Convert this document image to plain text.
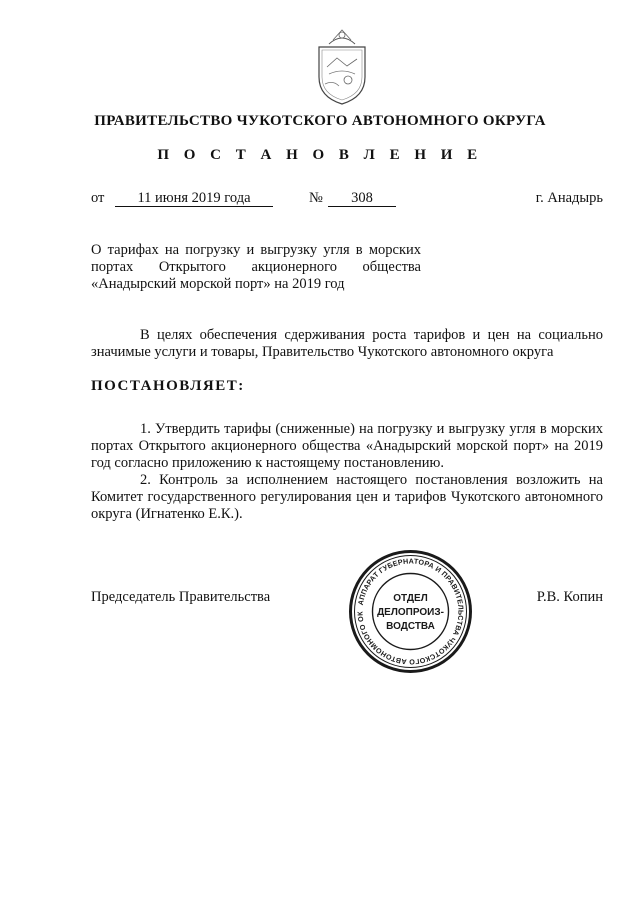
ПРАВИТЕЛЬСТВО ЧУКОТСКОГО АВТОНОМНОГО ОКРУГА
П О С Т А Н О В Л Е Н И Е
от	11 июня 2019 года	№	308	г. Анадырь
О тарифах на погрузку и выгрузку угля в морских
портах Открытого акционерного общества
«Анадырский морской порт» на 2019 год
В целях обеспечения сдерживания роста тарифов и цен на социально значимые услуги и товары, Правительство Чукотского автономного округа
ПОСТАНОВЛЯЕТ:
1. Утвердить тарифы (сниженные) на погрузку и выгрузку угля в морских портах Открытого акционерного общества «Анадырский морской порт» на 2019 год согласно приложению к настоящему постановлению.
2. Контроль за исполнением настоящего постановления возложить на Комитет государственного регулирования цен и тарифов Чукотского автономного округа (Игнатенко Е.К.).
Председатель Правительства	Р.В. Копин
АППАРАТ ГУБЕРНАТОРА И ПРАВИТЕЛЬСТВА ЧУКОТСКОГО АВТОНОМНОГО ОК
ОТДЕЛ
ДЕЛОПРОИЗ-
ВОДСТВА
